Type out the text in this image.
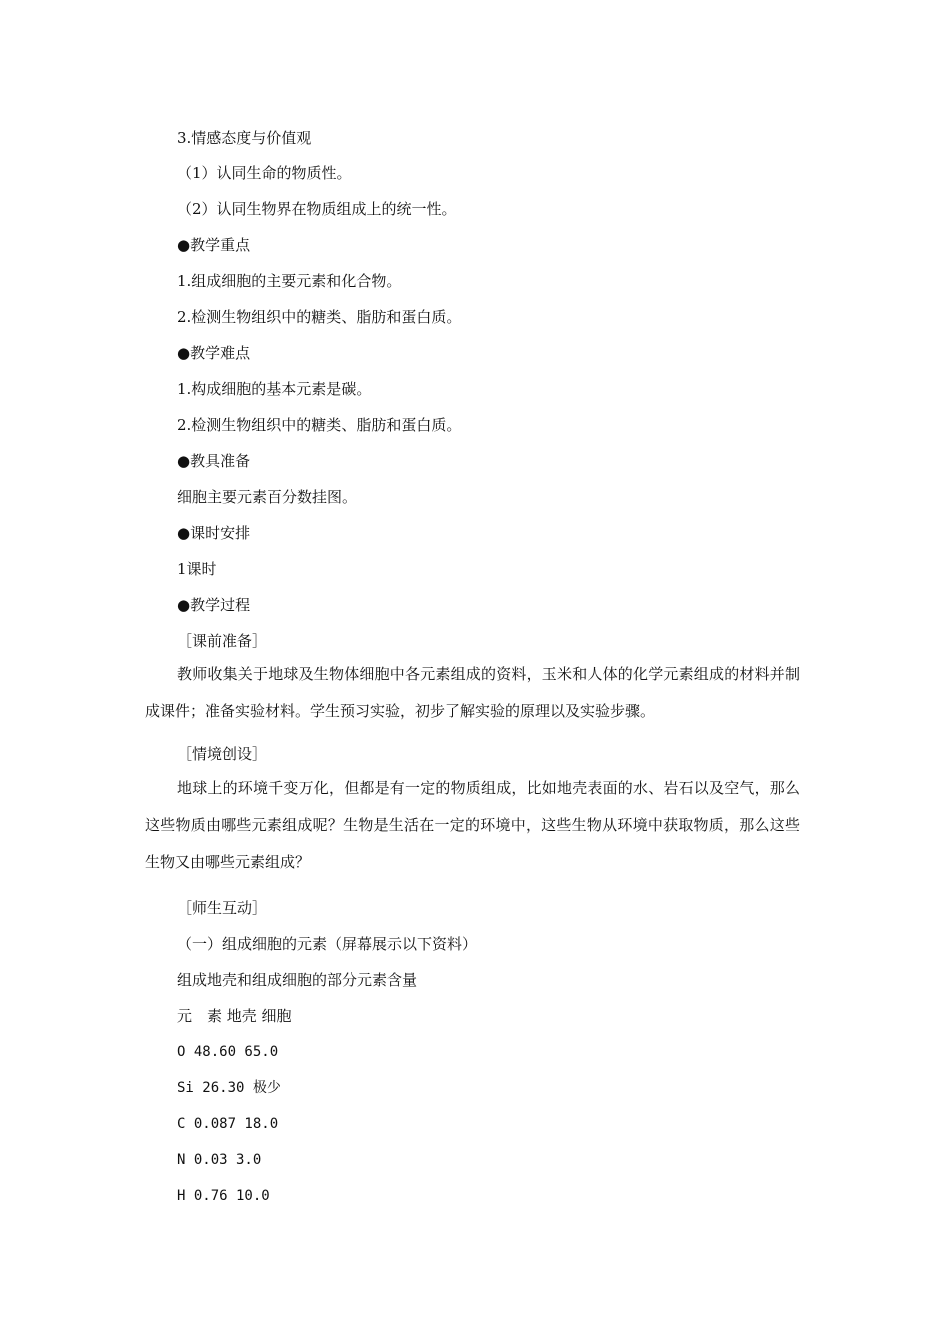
3.情感态度与价值观
（1）认同生命的物质性。
（2）认同生物界在物质组成上的统一性。
●教学重点
1.组成细胞的主要元素和化合物。
2.检测生物组织中的糖类、脂肪和蛋白质。
●教学难点
1.构成细胞的基本元素是碳。
2.检测生物组织中的糖类、脂肪和蛋白质。
●教具准备
细胞主要元素百分数挂图。
●课时安排
1课时
●教学过程
［课前准备］

教师收集关于地球及生物体细胞中各元素组成的资料，玉米和人体的化学元素组成的材料并制成课件；准备实验材料。学生预习实验，初步了解实验的原理以及实验步骤。

［情境创设］

地球上的环境千变万化，但都是有一定的物质组成，比如地壳表面的水、岩石以及空气，那么这些物质由哪些元素组成呢？生物是生活在一定的环境中，这些生物从环境中获取物质，那么这些生物又由哪些元素组成？

［师生互动］
（一）组成细胞的元素（屏幕展示以下资料）
组成地壳和组成细胞的部分元素含量
元　素 地壳 细胞
O 48.60 65.0
Si 26.30 极少
C 0.087 18.0
N 0.03 3.0
H 0.76 10.0
